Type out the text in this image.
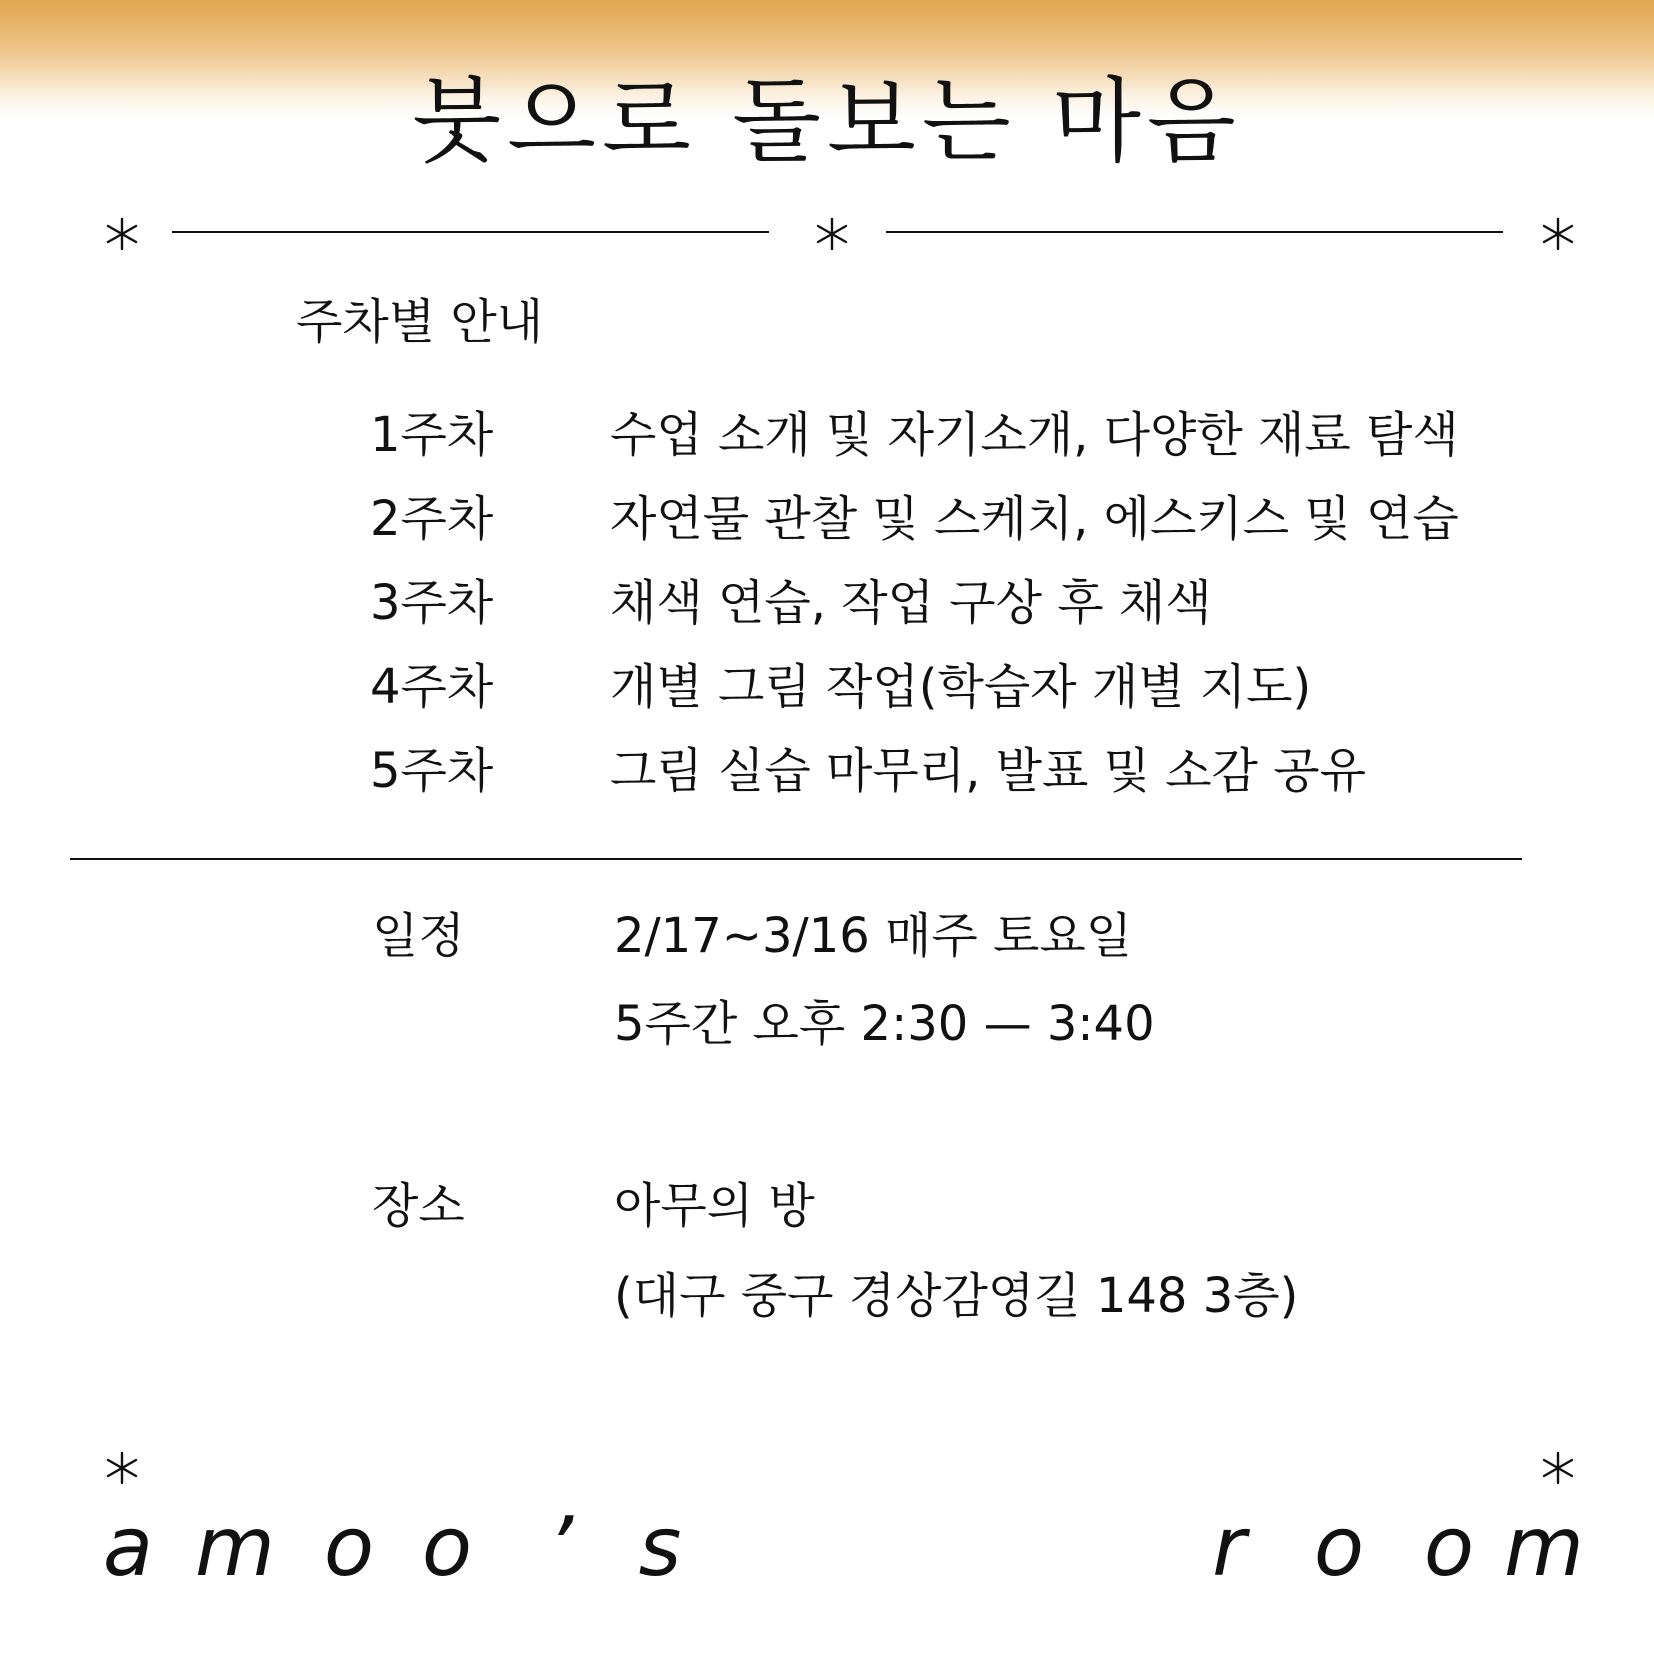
붓으로 돌보는 마음
주차별 안내
1주차	수업 소개 및 자기소개, 다양한 재료 탐색
2주차	자연물 관찰 및 스케치, 에스키스 및 연습
3주차	채색 연습, 작업 구상 후 채색
4주차	개별 그림 작업(학습자 개별 지도)
5주차	그림 실습 마무리, 발표 및 소감 공유
일정	2/17~3/16 매주 토요일
5주간 오후 2:30 — 3:40
장소	아무의 방
(대구 중구 경상감영길 148 3층)
a m o o ’ s	r o o m
